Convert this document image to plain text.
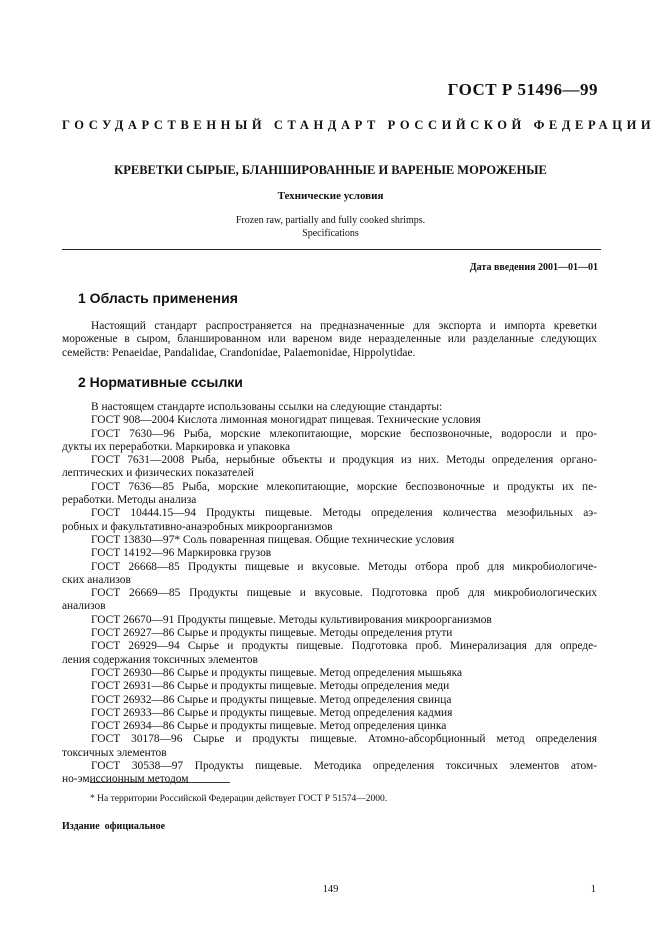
ГОСТ Р 51496—99
ГОСУДАРСТВЕННЫЙ СТАНДАРТ РОССИЙСКОЙ ФЕДЕРАЦИИ
КРЕВЕТКИ СЫРЫЕ, БЛАНШИРОВАННЫЕ И ВАРЕНЫЕ МОРОЖЕНЫЕ
Технические условия
Frozen raw, partially and fully cooked shrimps.
Specifications
Дата введения 2001—01—01
1 Область применения
Настоящий стандарт распространяется на предназначенные для экспорта и импорта креветки мороженые в сыром, бланшированном или вареном виде неразделенные или разделанные следующих семейств: Penaeidae, Pandalidae, Crandonidae, Palaemonidae, Hippolytidae.
2 Нормативные ссылки
В настоящем стандарте использованы ссылки на следующие стандарты:
ГОСТ 908—2004 Кислота лимонная моногидрат пищевая. Технические условия
ГОСТ 7630—96 Рыба, морские млекопитающие, морские беспозвоночные, водоросли и про-
дукты их переработки. Маркировка и упаковка
ГОСТ 7631—2008 Рыба, нерыбные объекты и продукция из них. Методы определения органо-
лептических и физических показателей
ГОСТ 7636—85 Рыба, морские млекопитающие, морские беспозвоночные и продукты их пе-
реработки. Методы анализа
ГОСТ 10444.15—94 Продукты пищевые. Методы определения количества мезофильных аэ-
робных и факультативно-анаэробных микроорганизмов
ГОСТ 13830—97* Соль поваренная пищевая. Общие технические условия
ГОСТ 14192—96 Маркировка грузов
ГОСТ 26668—85 Продукты пищевые и вкусовые. Методы отбора проб для микробиологиче-
ских анализов
ГОСТ 26669—85 Продукты пищевые и вкусовые. Подготовка проб для микробиологических
анализов
ГОСТ 26670—91 Продукты пищевые. Методы культивирования микроорганизмов
ГОСТ 26927—86 Сырье и продукты пищевые. Методы определения ртути
ГОСТ 26929—94 Сырье и продукты пищевые. Подготовка проб. Минерализация для опреде-
ления содержания токсичных элементов
ГОСТ 26930—86 Сырье и продукты пищевые. Метод определения мышьяка
ГОСТ 26931—86 Сырье и продукты пищевые. Методы определения меди
ГОСТ 26932—86 Сырье и продукты пищевые. Метод определения свинца
ГОСТ 26933—86 Сырье и продукты пищевые. Метод определения кадмия
ГОСТ 26934—86 Сырье и продукты пищевые. Метод определения цинка
ГОСТ 30178—96 Сырье и продукты пищевые. Атомно-абсорбционный метод определения
токсичных элементов
ГОСТ 30538—97 Продукты пищевые. Методика определения токсичных элементов атом-
но-эмиссионным методом
* На территории Российской Федерации действует ГОСТ Р 51574—2000.
Издание  официальное
149	1
